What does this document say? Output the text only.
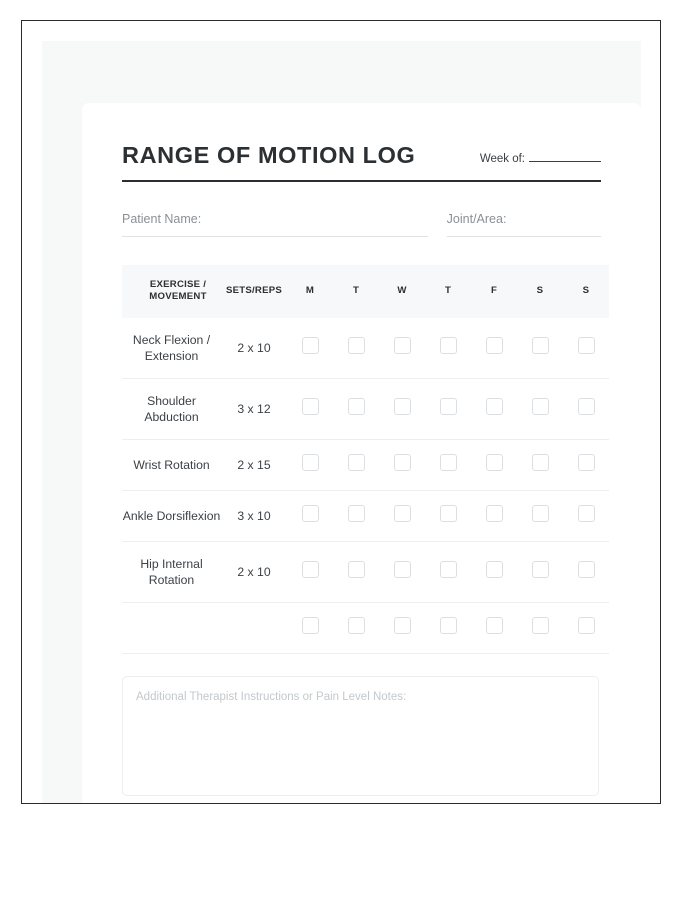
RANGE OF MOTION LOG	Week of:
Patient Name:	Joint/Area:
EXERCISE /
MOVEMENT	SETS/REPS	M	T	W	T	F	S	S
Neck Flexion / Extension	2 x 10							
Shoulder Abduction	3 x 12							
Wrist Rotation	2 x 15							
Ankle Dorsiflexion	3 x 10							
Hip Internal Rotation	2 x 10							

Additional Therapist Instructions or Pain Level Notes:
